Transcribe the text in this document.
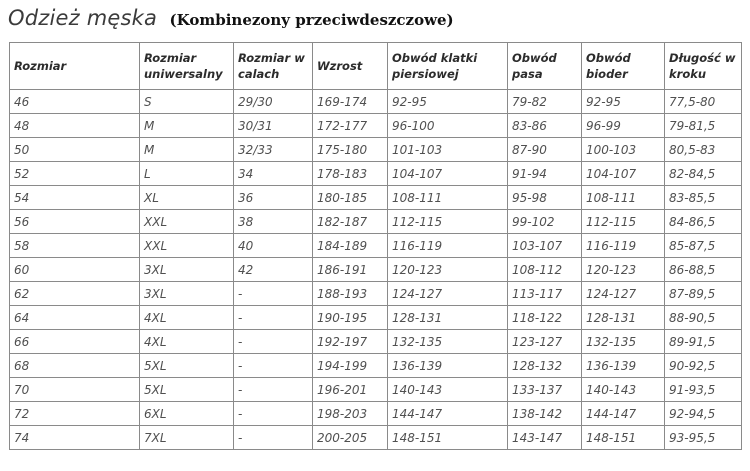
Odzież męska (Kombinezony przeciwdeszczowe)
Rozmiar	Rozmiar uniwersalny	Rozmiar w calach	Wzrost	Obwód klatki piersiowej	Obwód pasa	Obwód bioder	Długość w kroku
46	S	29/30	169-174	92-95	79-82	92-95	77,5-80
48	M	30/31	172-177	96-100	83-86	96-99	79-81,5
50	M	32/33	175-180	101-103	87-90	100-103	80,5-83
52	L	34	178-183	104-107	91-94	104-107	82-84,5
54	XL	36	180-185	108-111	95-98	108-111	83-85,5
56	XXL	38	182-187	112-115	99-102	112-115	84-86,5
58	XXL	40	184-189	116-119	103-107	116-119	85-87,5
60	3XL	42	186-191	120-123	108-112	120-123	86-88,5
62	3XL	-	188-193	124-127	113-117	124-127	87-89,5
64	4XL	-	190-195	128-131	118-122	128-131	88-90,5
66	4XL	-	192-197	132-135	123-127	132-135	89-91,5
68	5XL	-	194-199	136-139	128-132	136-139	90-92,5
70	5XL	-	196-201	140-143	133-137	140-143	91-93,5
72	6XL	-	198-203	144-147	138-142	144-147	92-94,5
74	7XL	-	200-205	148-151	143-147	148-151	93-95,5
